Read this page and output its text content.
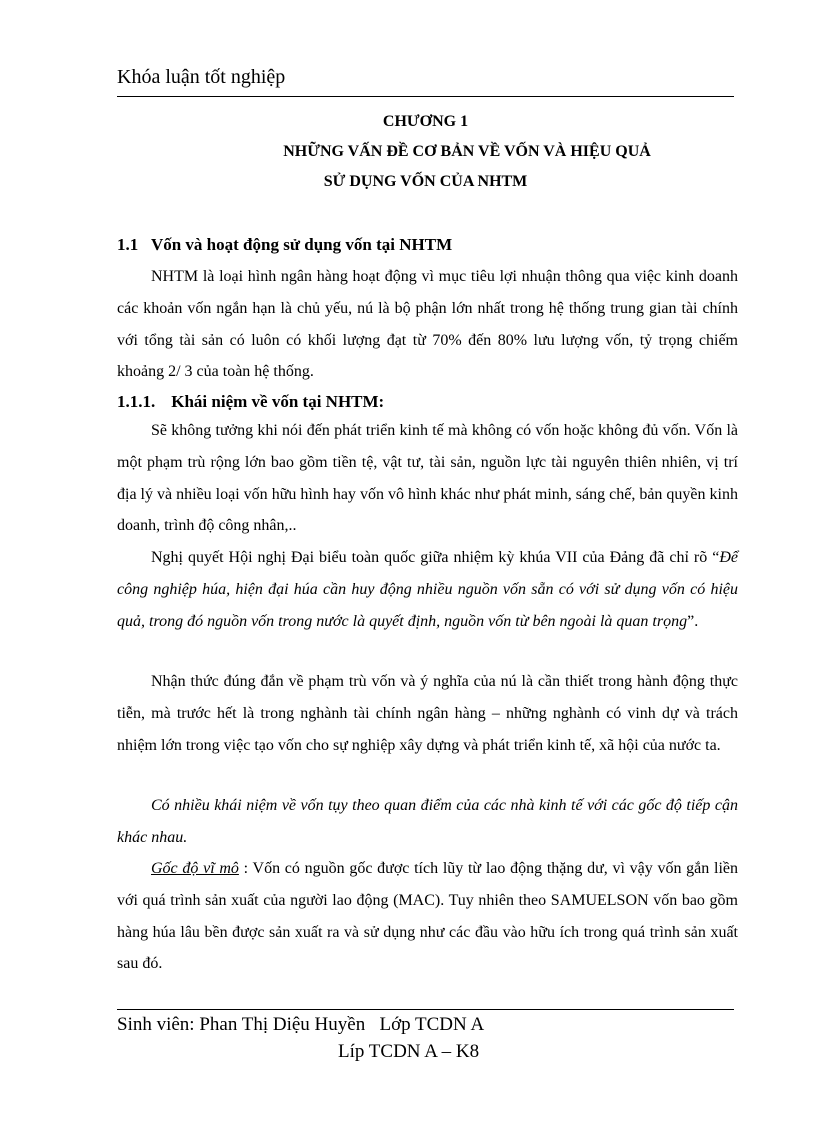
Khóa luận tốt nghiệp
CHƯƠNG 1
NHỮNG VẤN ĐỀ CƠ BẢN VỀ VỐN VÀ HIỆU QUẢ
SỬ DỤNG VỐN CỦA NHTM
1.1 Vốn và hoạt động sử dụng vốn tại NHTM

NHTM là loại hình ngân hàng hoạt động vì mục tiêu lợi nhuận thông qua việc kinh doanh các khoản vốn ngắn hạn là chủ yếu, nú là bộ phận lớn nhất trong hệ thống trung gian tài chính với tổng tài sản có luôn có khối lượng đạt từ 70% đến 80% lưu lượng vốn, tỷ trọng chiếm khoảng 2/ 3 của toàn hệ thống.

1.1.1. Khái niệm về vốn tại NHTM:

Sẽ không tưởng khi nói đến phát triển kinh tế mà không có vốn hoặc không đủ vốn. Vốn là một phạm trù rộng lớn bao gồm tiền tệ, vật tư, tài sản, nguồn lực tài nguyên thiên nhiên, vị trí địa lý và nhiều loại vốn hữu hình hay vốn vô hình khác như phát minh, sáng chế, bản quyền kinh doanh, trình độ công nhân,..

Nghị quyết Hội nghị Đại biểu toàn quốc giữa nhiệm kỳ khúa VII của Đảng đã chỉ rõ “Để công nghiệp húa, hiện đại húa cần huy động nhiều nguồn vốn sẵn có với sử dụng vốn có hiệu quả, trong đó nguồn vốn trong nước là quyết định, nguồn vốn từ bên ngoài là quan trọng”.

Nhận thức đúng đắn về phạm trù vốn và ý nghĩa của nú là cần thiết trong hành động thực tiễn, mà trước hết là trong nghành tài chính ngân hàng – những nghành có vinh dự và trách nhiệm lớn trong việc tạo vốn cho sự nghiệp xây dựng và phát triển kinh tế, xã hội của nước ta.

Có nhiều khái niệm về vốn tụy theo quan điểm của các nhà kinh tế với các gốc độ tiếp cận khác nhau.

Gốc độ vĩ mô : Vốn có nguồn gốc được tích lũy từ lao động thặng dư, vì vậy vốn gắn liền với quá trình sản xuất của người lao động (MAC). Tuy nhiên theo SAMUELSON vốn bao gồm hàng húa lâu bền được sản xuất ra và sử dụng như các đầu vào hữu ích trong quá trình sản xuất sau đó.

Sinh viên: Phan Thị Diệu Huyền   Lớp TCDN A
Líp TCDN A – K8
